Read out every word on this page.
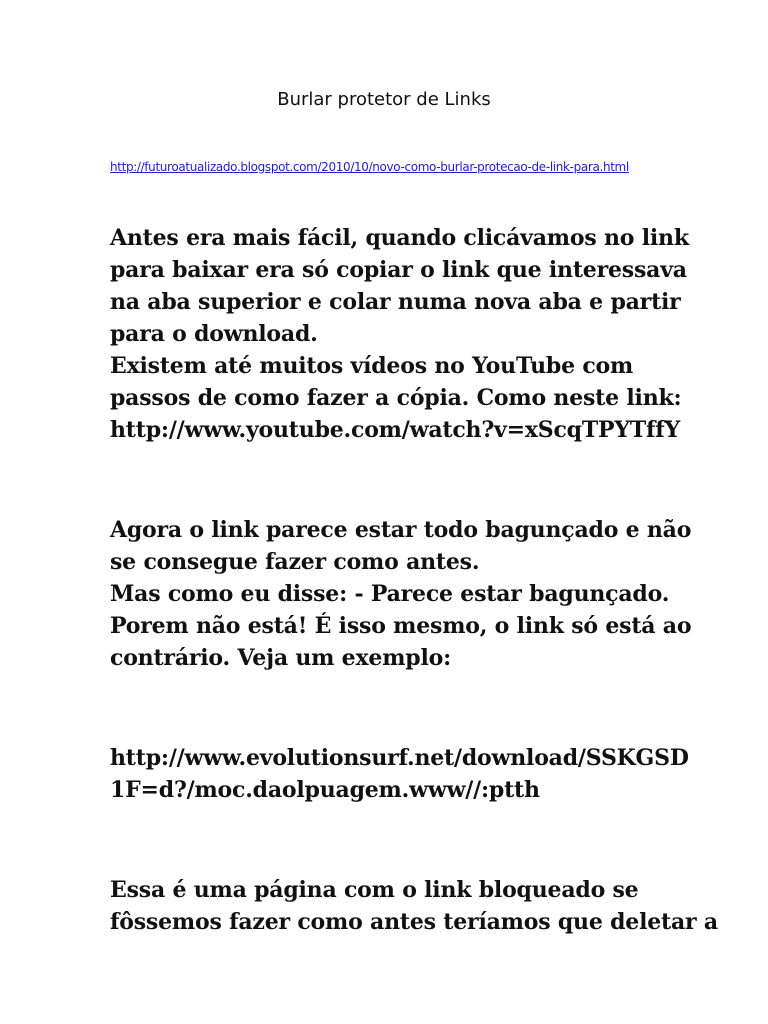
Burlar protetor de Links
http://futuroatualizado.blogspot.com/2010/10/novo-como-burlar-protecao-de-link-para.html
Antes era mais fácil, quando clicávamos no link
para baixar era só copiar o link que interessava
na aba superior e colar numa nova aba e partir
para o download.
Existem até muitos vídeos no YouTube com
passos de como fazer a cópia. Como neste link:
http://www.youtube.com/watch?v=xScqTPYTffY
Agora o link parece estar todo bagunçado e não
se consegue fazer como antes.
Mas como eu disse: - Parece estar bagunçado.
Porem não está! É isso mesmo, o link só está ao
contrário. Veja um exemplo:
http://www.evolutionsurf.net/download/SSKGSD
1F=d?/moc.daolpuagem.www//:ptth
Essa é uma página com o link bloqueado se
fôssemos fazer como antes teríamos que deletar a
